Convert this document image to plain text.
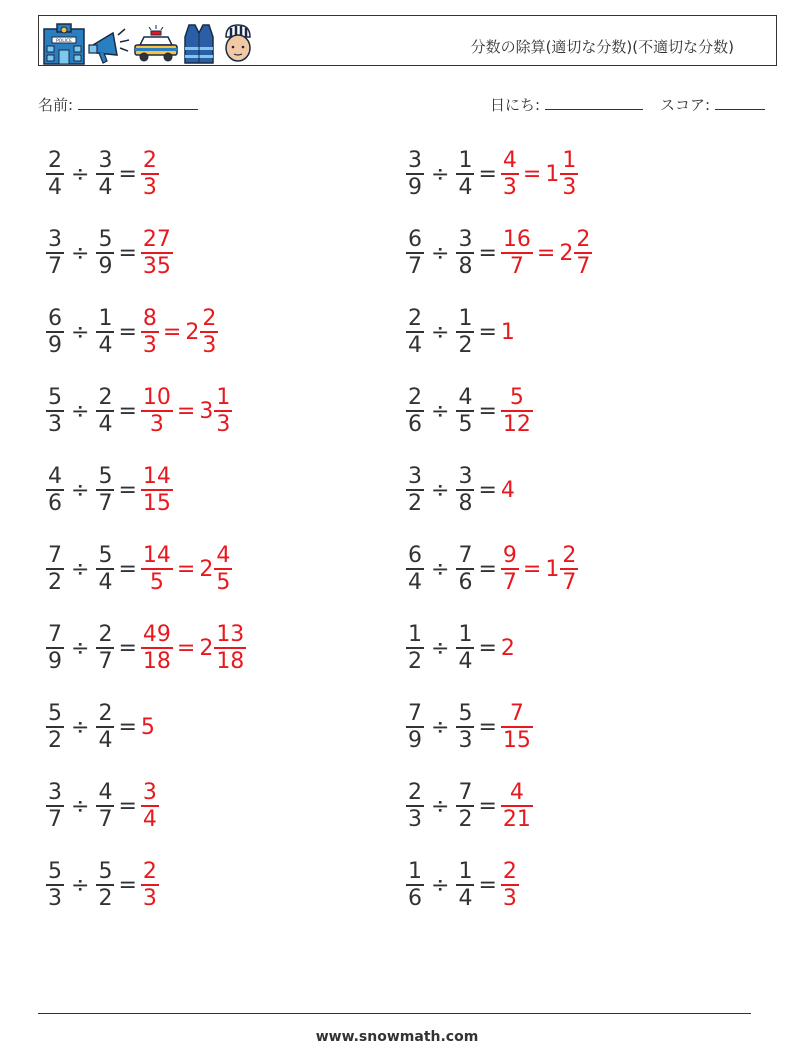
POLICE	分数の除算(適切な分数)(不適切な分数)
名前:	日にち:	スコア:
$\frac{2}{4} \div \frac{3}{4} = \frac{2}{3}$
$\frac{3}{7} \div \frac{5}{9} = \frac{27}{35}$
$\frac{6}{9} \div \frac{1}{4} = \frac{8}{3} = 2 \frac{2}{3}$
$\frac{5}{3} \div \frac{2}{4} = \frac{10}{3} = 3 \frac{1}{3}$
$\frac{4}{6} \div \frac{5}{7} = \frac{14}{15}$
$\frac{7}{2} \div \frac{5}{4} = \frac{14}{5} = 2 \frac{4}{5}$
$\frac{7}{9} \div \frac{2}{7} = \frac{49}{18} = 2 \frac{13}{18}$
$\frac{5}{2} \div \frac{2}{4} = 5$
$\frac{3}{7} \div \frac{4}{7} = \frac{3}{4}$
$\frac{5}{3} \div \frac{5}{2} = \frac{2}{3}$
$\frac{3}{9} \div \frac{1}{4} = \frac{4}{3} = 1 \frac{1}{3}$
$\frac{6}{7} \div \frac{3}{8} = \frac{16}{7} = 2 \frac{2}{7}$
$\frac{2}{4} \div \frac{1}{2} = 1$
$\frac{2}{6} \div \frac{4}{5} = \frac{5}{12}$
$\frac{3}{2} \div \frac{3}{8} = 4$
$\frac{6}{4} \div \frac{7}{6} = \frac{9}{7} = 1 \frac{2}{7}$
$\frac{1}{2} \div \frac{1}{4} = 2$
$\frac{7}{9} \div \frac{5}{3} = \frac{7}{15}$
$\frac{2}{3} \div \frac{7}{2} = \frac{4}{21}$
$\frac{1}{6} \div \frac{1}{4} = \frac{2}{3}$
www.snowmath.com
